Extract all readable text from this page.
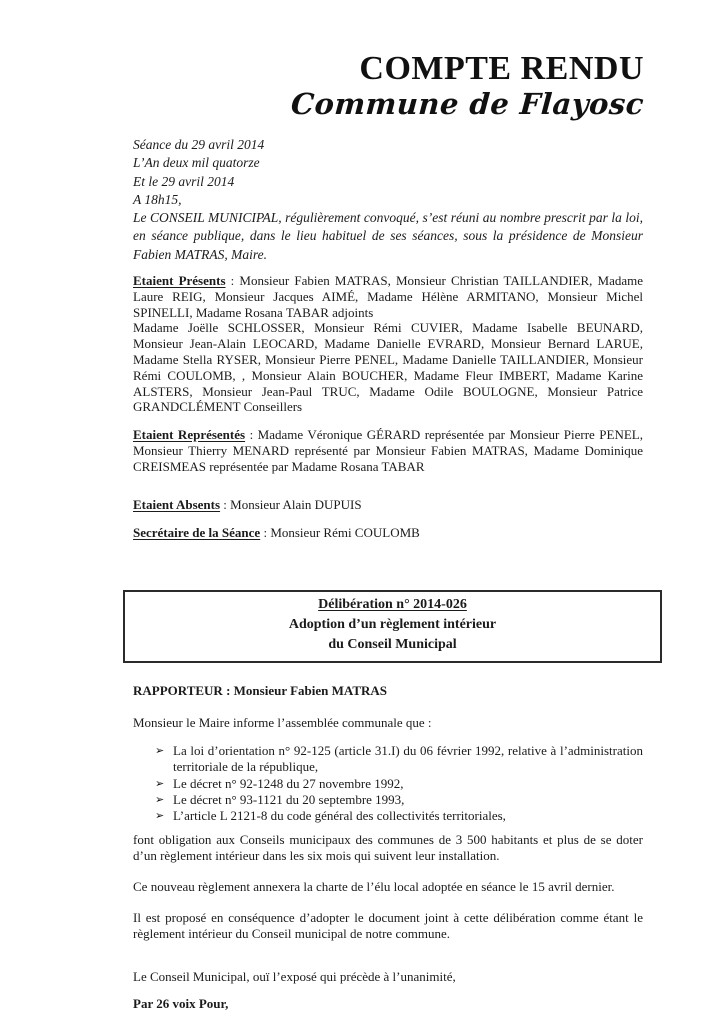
COMPTE RENDU
Commune de Flayosc
Séance du 29 avril 2014
L’An deux mil quatorze
Et le 29 avril 2014
A 18h15,
Le CONSEIL MUNICIPAL, régulièrement convoqué, s’est réuni au nombre prescrit par la loi, en séance publique, dans le lieu habituel de ses séances, sous la présidence de Monsieur Fabien MATRAS, Maire.
Etaient Présents : Monsieur Fabien MATRAS, Monsieur Christian TAILLANDIER, Madame Laure REIG, Monsieur Jacques AIMÉ, Madame Hélène ARMITANO, Monsieur Michel SPINELLI, Madame Rosana TABAR adjoints
Madame Joëlle SCHLOSSER, Monsieur Rémi CUVIER, Madame Isabelle BEUNARD, Monsieur Jean-Alain LEOCARD, Madame Danielle EVRARD, Monsieur Bernard LARUE, Madame Stella RYSER, Monsieur Pierre PENEL, Madame Danielle TAILLANDIER, Monsieur Rémi COULOMB, , Monsieur Alain BOUCHER, Madame Fleur IMBERT, Madame Karine ALSTERS, Monsieur Jean-Paul TRUC, Madame Odile BOULOGNE, Monsieur Patrice GRANDCLÉMENT Conseillers
Etaient Représentés : Madame Véronique GÉRARD représentée par Monsieur Pierre PENEL, Monsieur Thierry MENARD représenté par Monsieur Fabien MATRAS, Madame Dominique CREISMEAS représentée par Madame Rosana TABAR
Etaient Absents : Monsieur Alain DUPUIS
Secrétaire de la Séance : Monsieur Rémi COULOMB
Délibération n° 2014-026
Adoption d’un règlement intérieur
du Conseil Municipal
RAPPORTEUR : Monsieur Fabien MATRAS
Monsieur le Maire informe l’assemblée communale que :
➢ La loi d’orientation n° 92-125 (article 31.I) du 06 février 1992, relative à l’administration territoriale de la république,
➢ Le décret n° 92-1248 du 27 novembre 1992,
➢ Le décret n° 93-1121 du 20 septembre 1993,
➢ L’article L 2121-8 du code général des collectivités territoriales,
font obligation aux Conseils municipaux des communes de 3 500 habitants et plus de se doter d’un règlement intérieur dans les six mois qui suivent leur installation.
Ce nouveau règlement annexera la charte de l’élu local adoptée en séance le 15 avril dernier.
Il est proposé en conséquence d’adopter le document joint à cette délibération comme étant le règlement intérieur du Conseil municipal de notre commune.
Le Conseil Municipal, ouï l’exposé qui précède à l’unanimité,
Par 26 voix Pour,
